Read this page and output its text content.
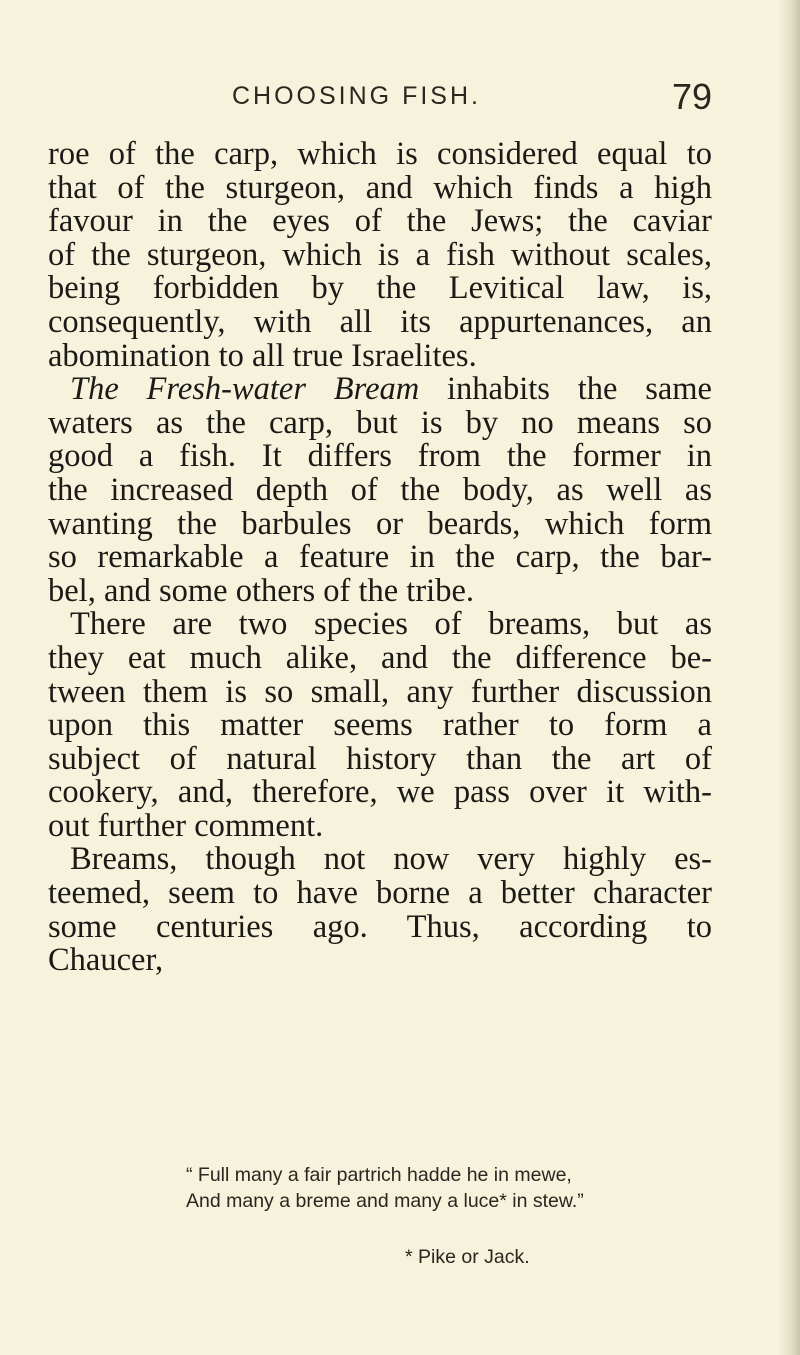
CHOOSING FISH.	79
roe of the carp, which is considered equal to
that of the sturgeon, and which finds a high
favour in the eyes of the Jews; the caviar
of the sturgeon, which is a fish without scales,
being forbidden by the Levitical law, is,
consequently, with all its appurtenances, an
abomination to all true Israelites.
The Fresh-water Bream inhabits the same
waters as the carp, but is by no means so
good a fish. It differs from the former in
the increased depth of the body, as well as
wanting the barbules or beards, which form
so remarkable a feature in the carp, the bar-
bel, and some others of the tribe.
There are two species of breams, but as
they eat much alike, and the difference be-
tween them is so small, any further discussion
upon this matter seems rather to form a
subject of natural history than the art of
cookery, and, therefore, we pass over it with-
out further comment.
Breams, though not now very highly es-
teemed, seem to have borne a better character
some centuries ago. Thus, according to
Chaucer,
“ Full many a fair partrich hadde he in mewe,
And many a breme and many a luce* in stew.”
* Pike or Jack.
